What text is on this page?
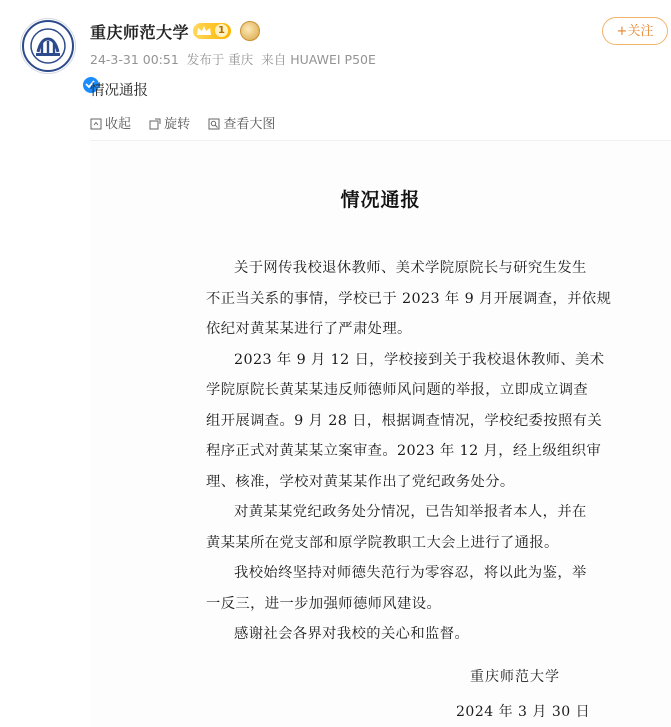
重庆师范大学	1
24-3-31 00:51 发布于 重庆 来自 HUAWEI P50E
+关注
情况通报
收起	旋转	查看大图
情况通报
关于网传我校退休教师、美术学院原院长与研究生发生
不正当关系的事情，学校已于 2023 年 9 月开展调查，并依规
依纪对黄某某进行了严肃处理。
2023 年 9 月 12 日，学校接到关于我校退休教师、美术
学院原院长黄某某违反师德师风问题的举报，立即成立调查
组开展调查。9 月 28 日，根据调查情况，学校纪委按照有关
程序正式对黄某某立案审查。2023 年 12 月，经上级组织审
理、核准，学校对黄某某作出了党纪政务处分。
对黄某某党纪政务处分情况，已告知举报者本人，并在
黄某某所在党支部和原学院教职工大会上进行了通报。
我校始终坚持对师德失范行为零容忍，将以此为鉴，举
一反三，进一步加强师德师风建设。
感谢社会各界对我校的关心和监督。
重庆师范大学
2024 年 3 月 30 日
